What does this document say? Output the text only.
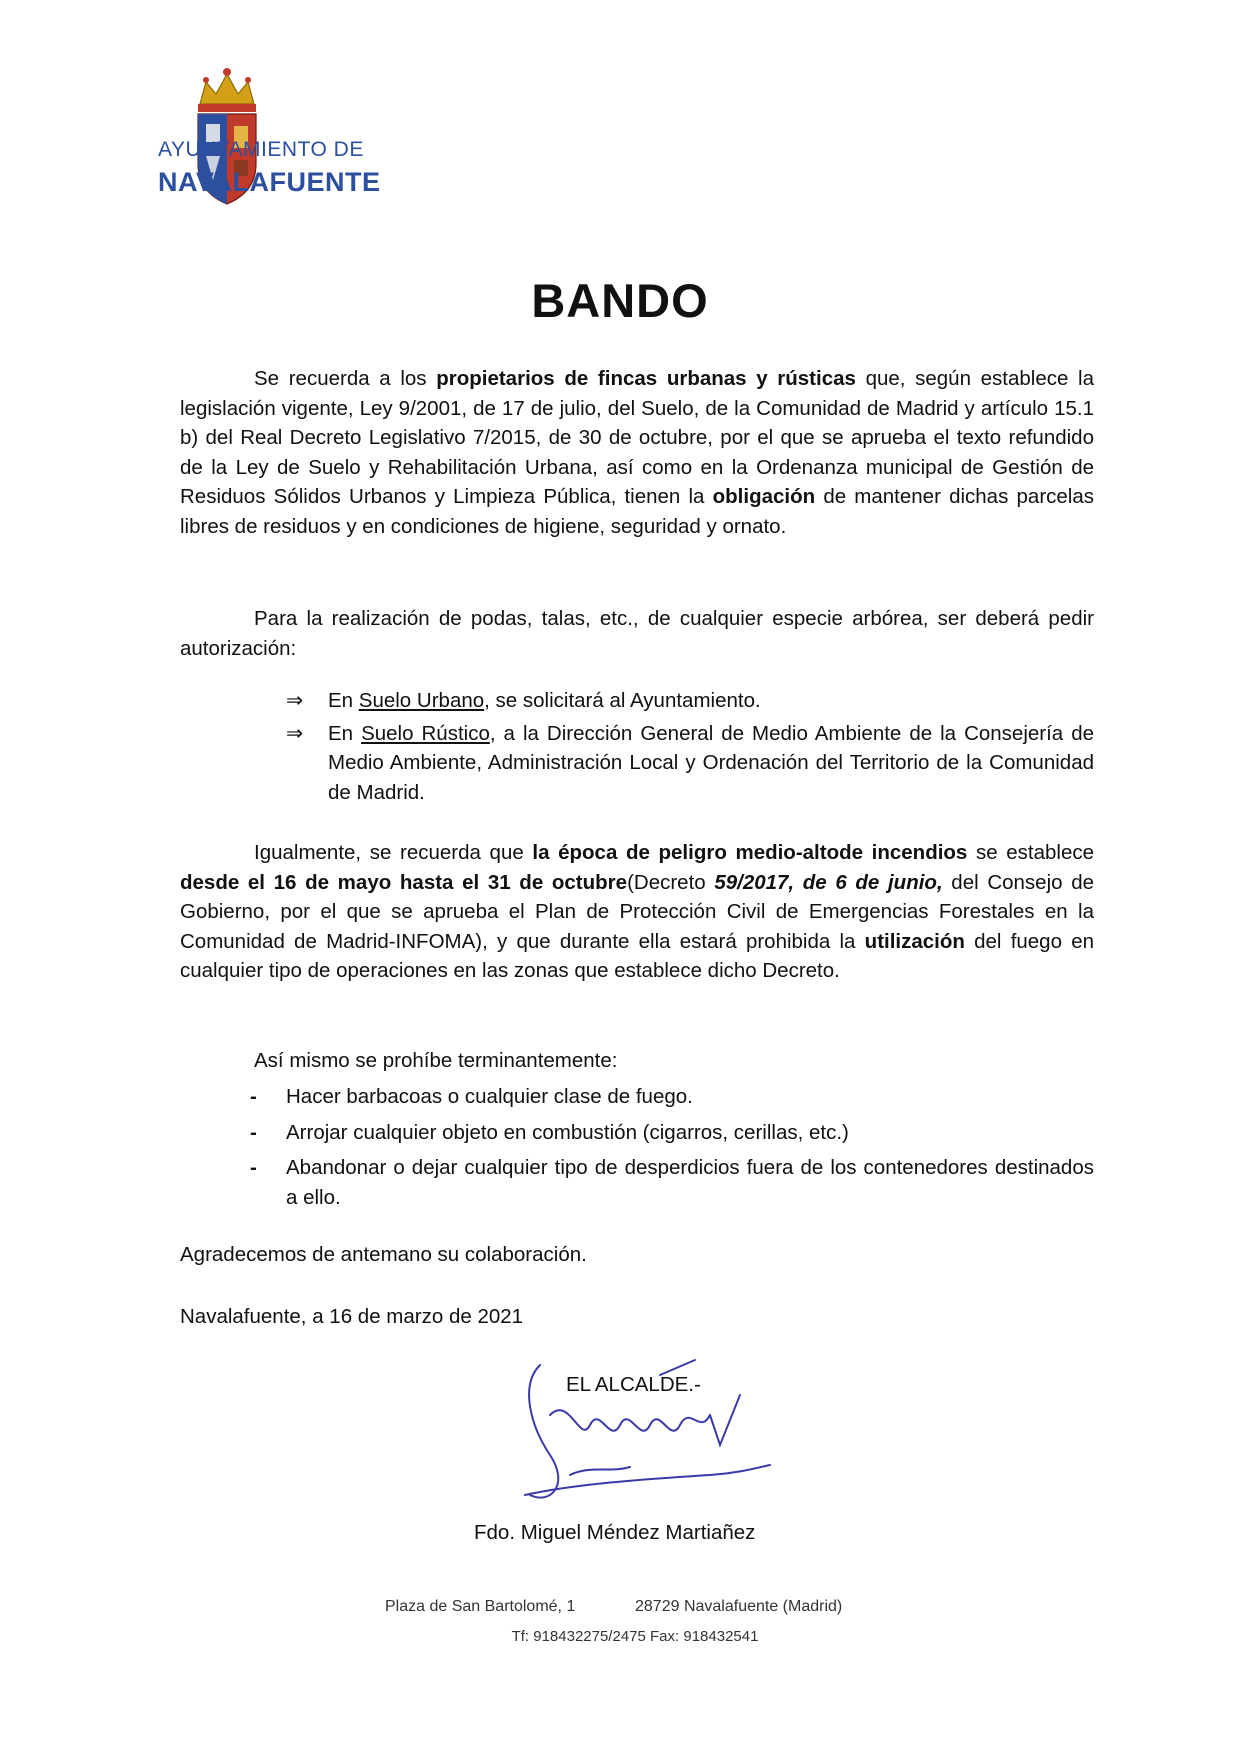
AYUNTAMIENTO DE
NAVALAFUENTE
BANDO
Se recuerda a los propietarios de fincas urbanas y rústicas que, según establece la legislación vigente, Ley 9/2001, de 17 de julio, del Suelo, de la Comunidad de Madrid y artículo 15.1 b) del Real Decreto Legislativo 7/2015, de 30 de octubre, por el que se aprueba el texto refundido de la Ley de Suelo y Rehabilitación Urbana, así como en la Ordenanza municipal de Gestión de Residuos Sólidos Urbanos y Limpieza Pública, tienen la obligación de mantener dichas parcelas libres de residuos y en condiciones de higiene, seguridad y ornato.
Para la realización de podas, talas, etc., de cualquier especie arbórea, ser deberá pedir autorización:
⇒ En Suelo Urbano, se solicitará al Ayuntamiento.
⇒ En Suelo Rústico, a la Dirección General de Medio Ambiente de la Consejería de Medio Ambiente, Administración Local y Ordenación del Territorio de la Comunidad de Madrid.
Igualmente, se recuerda que la época de peligro medio-altode incendios se establece desde el 16 de mayo hasta el 31 de octubre(Decreto 59/2017, de 6 de junio, del Consejo de Gobierno, por el que se aprueba el Plan de Protección Civil de Emergencias Forestales en la Comunidad de Madrid-INFOMA), y que durante ella estará prohibida la utilización del fuego en cualquier tipo de operaciones en las zonas que establece dicho Decreto.
Así mismo se prohíbe terminantemente:
- Hacer barbacoas o cualquier clase de fuego.
- Arrojar cualquier objeto en combustión (cigarros, cerillas, etc.)
- Abandonar o dejar cualquier tipo de desperdicios fuera de los contenedores destinados a ello.
Agradecemos de antemano su colaboración.
Navalafuente, a 16 de marzo de 2021
EL ALCALDE.-
Fdo. Miguel Méndez Martiañez
Plaza de San Bartolomé, 1	28729 Navalafuente (Madrid)
Tf: 918432275/2475 Fax: 918432541
